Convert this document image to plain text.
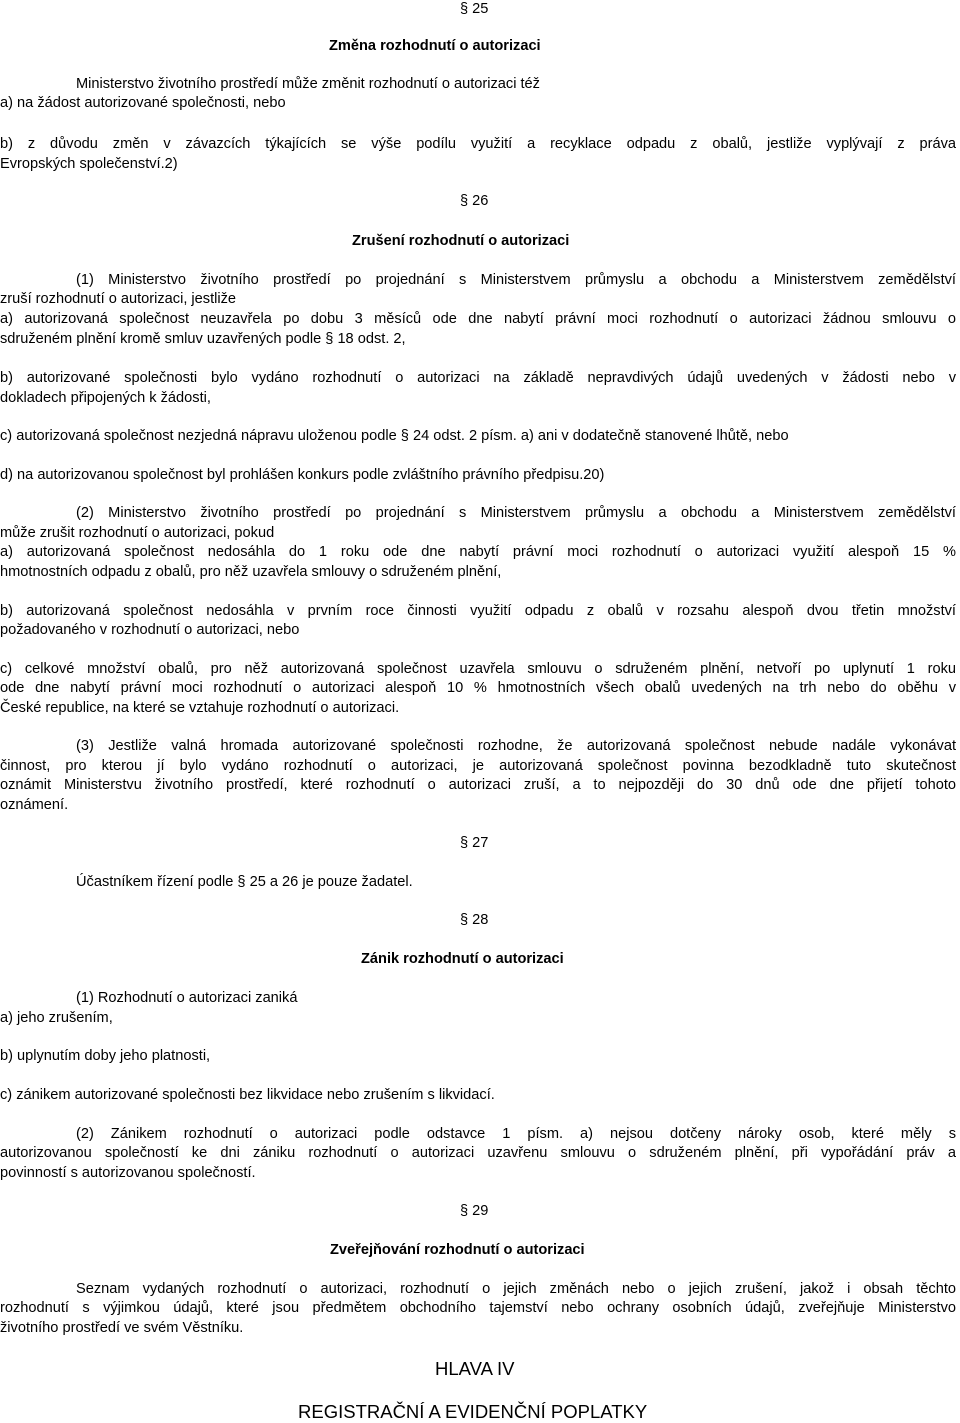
§ 25
Změna rozhodnutí o autorizaci
Ministerstvo životního prostředí může změnit rozhodnutí o autorizaci též
a) na žádost autorizované společnosti, nebo
b) z důvodu změn v závazcích týkajících se výše podílu využití a recyklace odpadu z obalů, jestliže vyplývají z práva
Evropských společenství.2)
§ 26
Zrušení rozhodnutí o autorizaci
(1) Ministerstvo životního prostředí po projednání s Ministerstvem průmyslu a obchodu a Ministerstvem zemědělství
zruší rozhodnutí o autorizaci, jestliže
a) autorizovaná společnost neuzavřela po dobu 3 měsíců ode dne nabytí právní moci rozhodnutí o autorizaci žádnou smlouvu o
sdruženém plnění kromě smluv uzavřených podle § 18 odst. 2,
b) autorizované společnosti bylo vydáno rozhodnutí o autorizaci na základě nepravdivých údajů uvedených v žádosti nebo v
dokladech připojených k žádosti,
c) autorizovaná společnost nezjedná nápravu uloženou podle § 24 odst. 2 písm. a) ani v dodatečně stanovené lhůtě, nebo
d) na autorizovanou společnost byl prohlášen konkurs podle zvláštního právního předpisu.20)
(2) Ministerstvo životního prostředí po projednání s Ministerstvem průmyslu a obchodu a Ministerstvem zemědělství
může zrušit rozhodnutí o autorizaci, pokud
a) autorizovaná společnost nedosáhla do 1 roku ode dne nabytí právní moci rozhodnutí o autorizaci využití alespoň 15 %
hmotnostních odpadu z obalů, pro něž uzavřela smlouvy o sdruženém plnění,
b) autorizovaná společnost nedosáhla v prvním roce činnosti využití odpadu z obalů v rozsahu alespoň dvou třetin množství
požadovaného v rozhodnutí o autorizaci, nebo
c) celkové množství obalů, pro něž autorizovaná společnost uzavřela smlouvu o sdruženém plnění, netvoří po uplynutí 1 roku
ode dne nabytí právní moci rozhodnutí o autorizaci alespoň 10 % hmotnostních všech obalů uvedených na trh nebo do oběhu v
České republice, na které se vztahuje rozhodnutí o autorizaci.
(3) Jestliže valná hromada autorizované společnosti rozhodne, že autorizovaná společnost nebude nadále vykonávat
činnost, pro kterou jí bylo vydáno rozhodnutí o autorizaci, je autorizovaná společnost povinna bezodkladně tuto skutečnost
oznámit Ministerstvu životního prostředí, které rozhodnutí o autorizaci zruší, a to nejpozději do 30 dnů ode dne přijetí tohoto
oznámení.
§ 27
Účastníkem řízení podle § 25 a 26 je pouze žadatel.
§ 28
Zánik rozhodnutí o autorizaci
(1) Rozhodnutí o autorizaci zaniká
a) jeho zrušením,
b) uplynutím doby jeho platnosti,
c) zánikem autorizované společnosti bez likvidace nebo zrušením s likvidací.
(2) Zánikem rozhodnutí o autorizaci podle odstavce 1 písm. a) nejsou dotčeny nároky osob, které měly s
autorizovanou společností ke dni zániku rozhodnutí o autorizaci uzavřenu smlouvu o sdruženém plnění, při vypořádání práv a
povinností s autorizovanou společností.
§ 29
Zveřejňování rozhodnutí o autorizaci
Seznam vydaných rozhodnutí o autorizaci, rozhodnutí o jejich změnách nebo o jejich zrušení, jakož i obsah těchto
rozhodnutí s výjimkou údajů, které jsou předmětem obchodního tajemství nebo ochrany osobních údajů, zveřejňuje Ministerstvo
životního prostředí ve svém Věstníku.
HLAVA IV
REGISTRAČNÍ A EVIDENČNÍ POPLATKY
